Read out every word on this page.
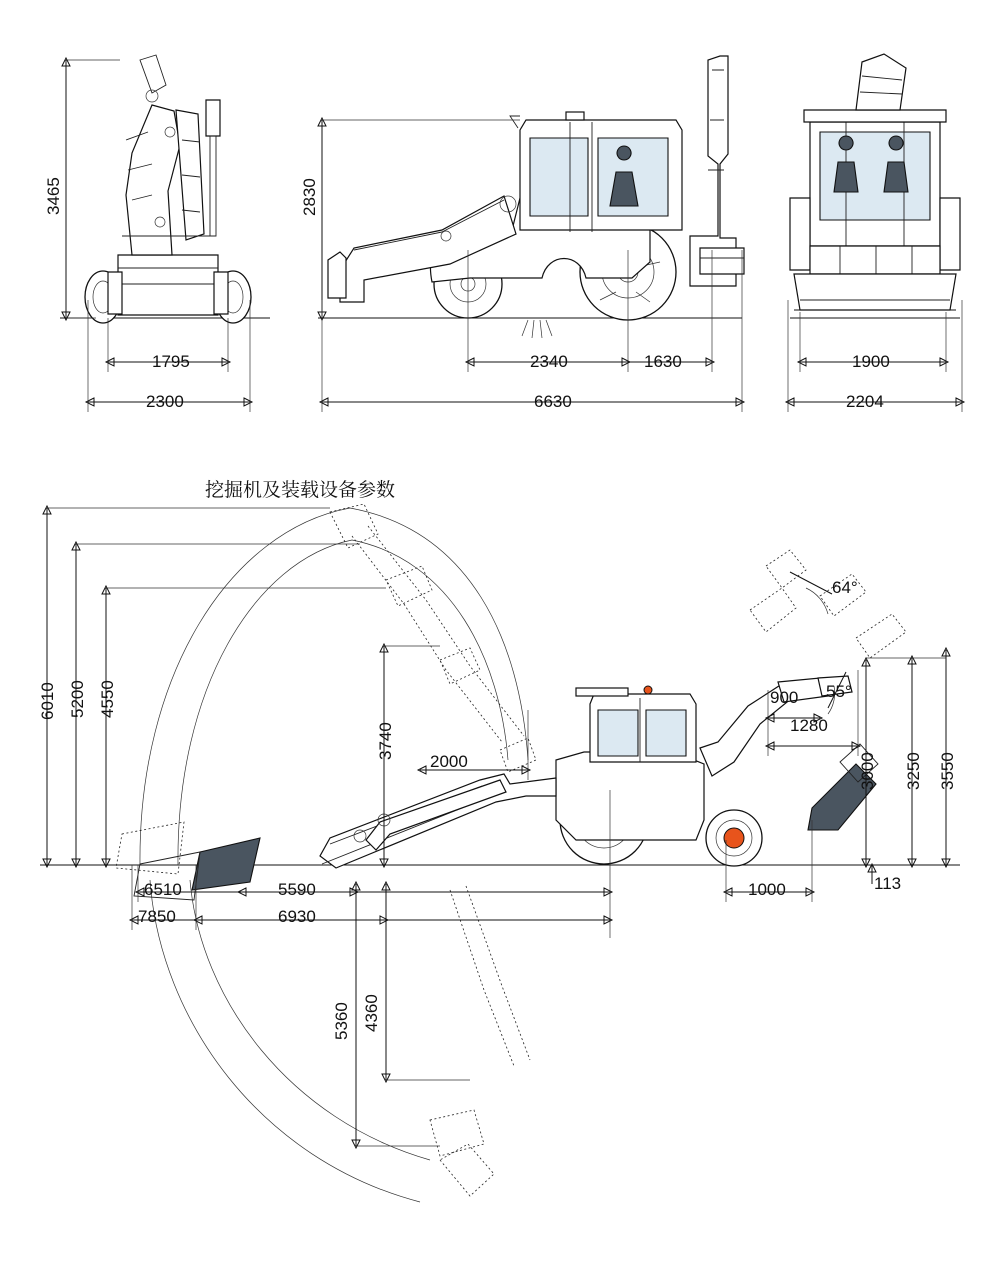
3465
1795
2300
2830
2340	1630
6630
1900
2204
挖掘机及装载设备参数
6010 5200 4550
3740
5360 4360
6510
7850
5590
6930
2000
1000
900
1280
3000 3250 3550
113
64°
55°
